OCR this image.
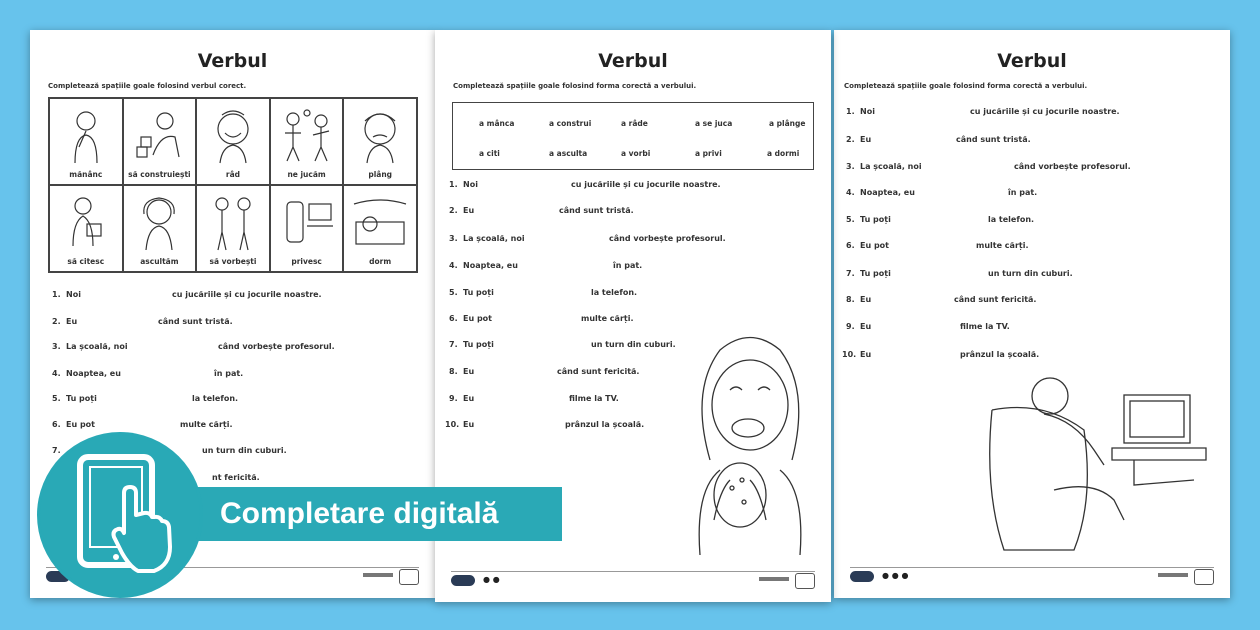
Verbul
Completează spațiile goale folosind verbul corect.
mănânc	să construiești	râd	ne jucăm	plâng
să citesc	ascultăm	să vorbești	privesc	dorm
1. Noi	cu jucăriile și cu jocurile noastre.
2. Eu	când sunt tristă.
3. La școală, noi	când vorbește profesorul.
4. Noaptea, eu	în pat.
5. Tu poți	la telefon.
6. Eu pot	multe cărți.
7.	un turn din cuburi.
nt fericită.
Verbul
Completează spațiile goale folosind forma corectă a verbului.
a mânca	a construi	a râde	a se juca	a plânge
a citi	a asculta	a vorbi	a privi	a dormi
1. Noi	cu jucăriile și cu jocurile noastre.
2. Eu	când sunt tristă.
3. La școală, noi	când vorbește profesorul.
4. Noaptea, eu	în pat.
5. Tu poți	la telefon.
6. Eu pot	multe cărți.
7. Tu poți	un turn din cuburi.
8. Eu	când sunt fericită.
9. Eu	filme la TV.
10. Eu	prânzul la școală.
● ●
Verbul
Completează spațiile goale folosind forma corectă a verbului.
1. Noi	cu jucăriile și cu jocurile noastre.
2. Eu	când sunt tristă.
3. La școală, noi	când vorbește profesorul.
4. Noaptea, eu	în pat.
5. Tu poți	la telefon.
6. Eu pot	multe cărți.
7. Tu poți	un turn din cuburi.
8. Eu	când sunt fericită.
9. Eu	filme la TV.
10. Eu	prânzul la școală.
● ● ●
Completare digitală
